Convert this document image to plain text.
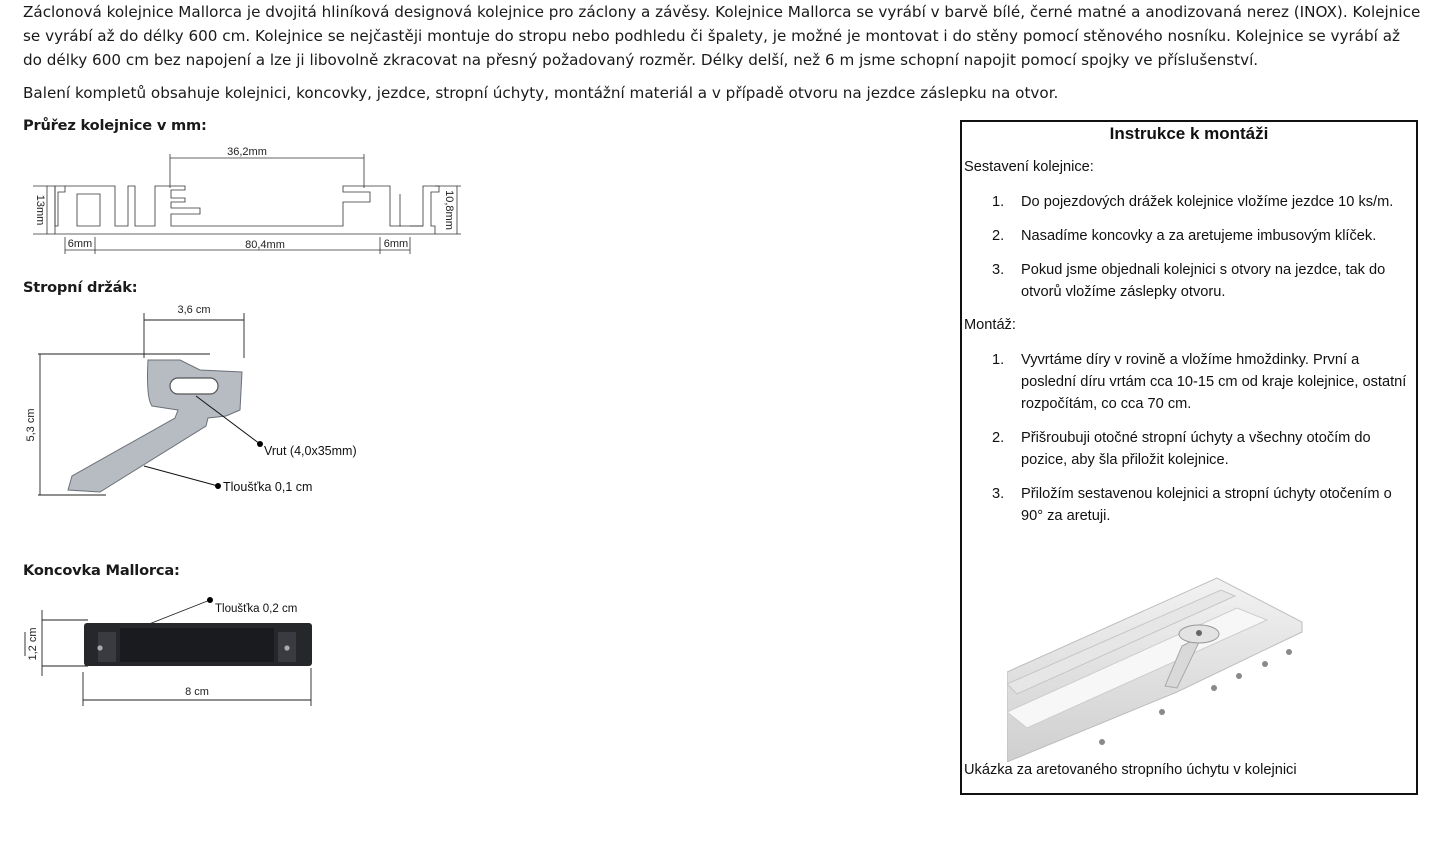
Záclonová kolejnice Mallorca je dvojitá hliníková designová kolejnice pro záclony a závěsy. Kolejnice Mallorca se vyrábí v barvě bílé, černé matné a anodizovaná nerez (INOX). Kolejnice se vyrábí až do délky 600 cm. Kolejnice se nejčastěji montuje do stropu nebo podhledu či špalety, je možné je montovat i do stěny pomocí stěnového nosníku. Kolejnice se vyrábí až do délky 600 cm bez napojení a lze ji libovolně zkracovat na přesný požadovaný rozměr. Délky delší, než 6 m jsme schopní napojit pomocí spojky ve příslušenství.

Balení kompletů obsahuje kolejnici, koncovky, jezdce, stropní úchyty, montážní materiál a v případě otvoru na jezdce záslepku na otvor.

Průřez kolejnice v mm:

36,2mm
13mm	10,8mm
6mm	80,4mm	6mm

Stropní držák:

3,6 cm
5,3 cm
Vrut (4,0x35mm)
Tloušťka 0,1 cm

Koncovka Mallorca:

1,2 cm
8 cm
Tloušťka 0,2 cm
Instrukce k montáži
Sestavení kolejnice:
1. Do pojezdových drážek kolejnice vložíme jezdce 10 ks/m.
2. Nasadíme koncovky a za aretujeme imbusovým klíček.
3. Pokud jsme objednali kolejnici s otvory na jezdce, tak do otvorů vložíme záslepky otvoru.
Montáž:
1. Vyvrtáme díry v rovině a vložíme hmoždinky. První a poslední díru vrtám cca 10-15 cm od kraje kolejnice, ostatní rozpočítám, co cca 70 cm.
2. Přišroubuji otočné stropní úchyty a všechny otočím do pozice, aby šla přiložit kolejnice.
3. Přiložím sestavenou kolejnici a stropní úchyty otočením o 90° za aretuji.
Ukázka za aretovaného stropního úchytu v kolejnici
